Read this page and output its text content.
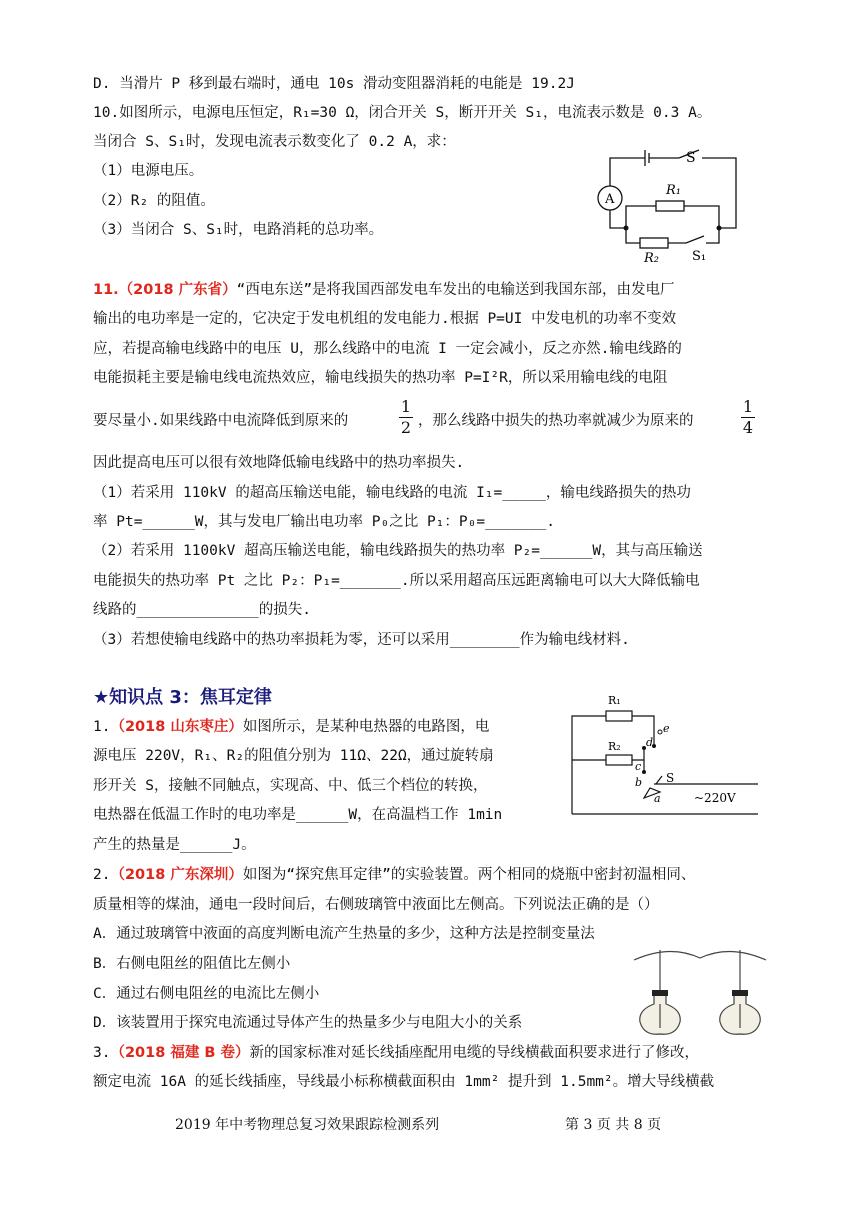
D. 当滑片 P 移到最右端时，通电 10s 滑动变阻器消耗的电能是 19.2J
10.如图所示，电源电压恒定，R₁=30 Ω，闭合开关 S，断开开关 S₁，电流表示数是 0.3 A。
当闭合 S、S₁时，发现电流表示数变化了 0.2 A，求：
（1）电源电压。
（2）R₂ 的阻值。
（3）当闭合 S、S₁时，电路消耗的总功率。
A
S
R₁
R₂	S₁
11.（2018 广东省）“西电东送”是将我国西部发电车发出的电输送到我国东部，由发电厂
输出的电功率是一定的，它决定于发电机组的发电能力.根据 P=UI 中发电机的功率不变效
应，若提高输电线路中的电压 U，那么线路中的电流 I 一定会减小，反之亦然.输电线路的
电能损耗主要是输电线电流热效应，输电线损失的热功率 P=I²R，所以采用输电线的电阻
要尽量小.如果线路中电流降低到原来的
1
2 ，那么线路中损失的热功率就减少为原来的
1
4
因此提高电压可以很有效地降低输电线路中的热功率损失.
（1）若采用 110kV 的超高压输送电能，输电线路的电流 I₁=_____，输电线路损失的热功
率 Pt=______W，其与发电厂输出电功率 P₀之比 P₁：P₀=_______.
（2）若采用 1100kV 超高压输送电能，输电线路损失的热功率 P₂=______W，其与高压输送
电能损失的热功率 Pt 之比 P₂：P₁=_______.所以采用超高压远距离输电可以大大降低输电
线路的______________的损失.
（3）若想使输电线路中的热功率损耗为零，还可以采用________作为输电线材料.
★知识点 3：焦耳定律
1.（2018 山东枣庄）如图所示，是某种电热器的电路图，电
源电压 220V，R₁、R₂的阻值分别为 11Ω、22Ω，通过旋转扇
形开关 S，接触不同触点，实现高、中、低三个档位的转换，
电热器在低温工作时的电功率是______W，在高温档工作 1min
产生的热量是______J。
R₁
R₂ d
e
c
b
a
S
~220V
2.（2018 广东深圳）如图为“探究焦耳定律”的实验装置。两个相同的烧瓶中密封初温相同、
质量相等的煤油，通电一段时间后，右侧玻璃管中液面比左侧高。下列说法正确的是（）
A．通过玻璃管中液面的高度判断电流产生热量的多少，这种方法是控制变量法
B．右侧电阻丝的阻值比左侧小
C．通过右侧电阻丝的电流比左侧小
D．该装置用于探究电流通过导体产生的热量多少与电阻大小的关系
3.（2018 福建 B 卷）新的国家标准对延长线插座配用电缆的导线横截面积要求进行了修改，
额定电流 16A 的延长线插座，导线最小标称横截面积由 1mm² 提升到 1.5mm²。增大导线横截
2019 年中考物理总复习效果跟踪检测系列	第 3 页 共 8 页
